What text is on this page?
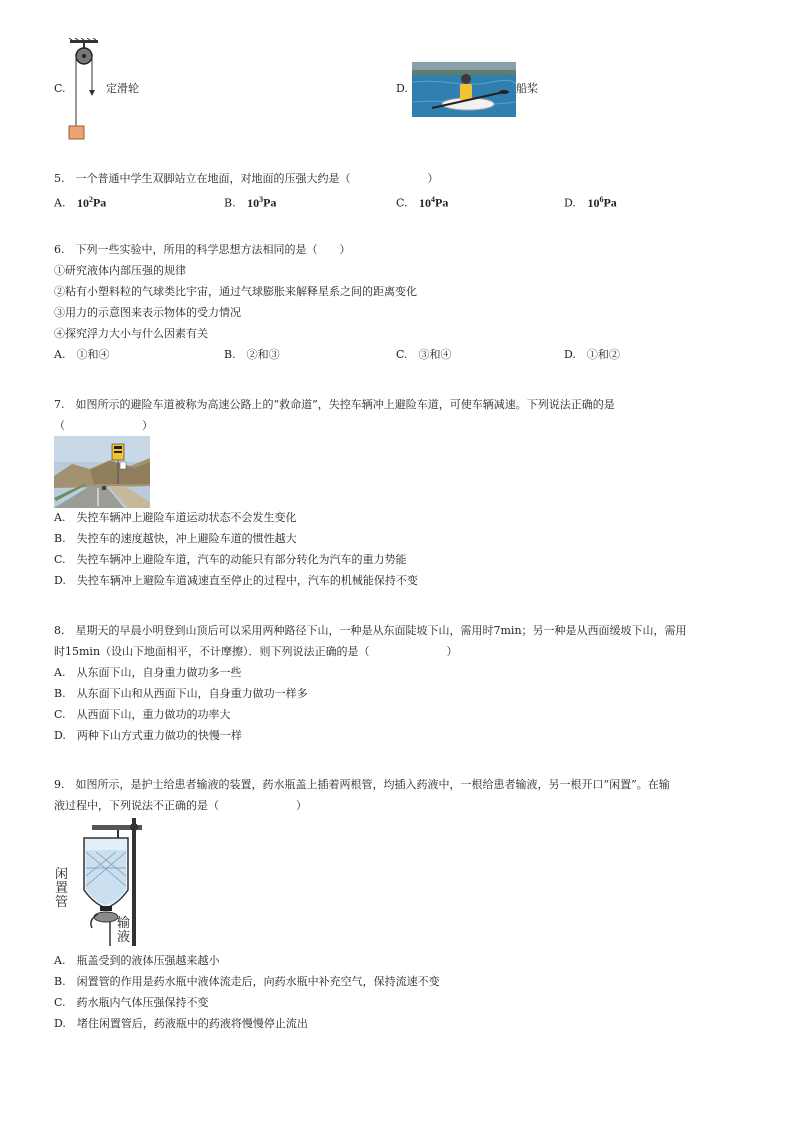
C.	定滑轮	D.	船桨
5.　一个普通中学生双脚站立在地面，对地面的压强大约是（　　　　　　　）
A. $10^2Pa$	B. $10^3Pa$	C. $10^4Pa$	D. $10^6Pa$
6.　下列一些实验中，所用的科学思想方法相同的是（　　）
①研究液体内部压强的规律
②粘有小塑料粒的气球类比宇宙，通过气球膨胀来解释星系之间的距离变化
③用力的示意图来表示物体的受力情况
④探究浮力大小与什么因素有关
A.　①和④	B.　②和③	C.　③和④	D.　①和②
7.　如图所示的避险车道被称为高速公路上的“救命道”，失控车辆冲上避险车道，可使车辆减速。下列说法正确的是
（　　　　　　　）
A.　失控车辆冲上避险车道运动状态不会发生变化
B.　失控车的速度越快，冲上避险车道的惯性越大
C.　失控车辆冲上避险车道，汽车的动能只有部分转化为汽车的重力势能
D.　失控车辆冲上避险车道减速直至停止的过程中，汽车的机械能保持不变
8.　星期天的早晨小明登到山顶后可以采用两种路径下山，一种是从东面陡坡下山，需用时7min；另一种是从西面缓坡下山，需用
时15min（设山下地面相平，不计摩擦）．则下列说法正确的是（　　　　　　　）
A.　从东面下山，自身重力做功多一些
B.　从东面下山和从西面下山，自身重力做功一样多
C.　从西面下山，重力做功的功率大
D.　两种下山方式重力做功的快慢一样
9.　如图所示，是护士给患者输液的装置，药水瓶盖上插着两根管，均插入药液中，一根给患者输液，另一根开口“闲置”。在输
液过程中，下列说法不正确的是（　　　　　　　）
闲置管
输液
A.　瓶盖受到的液体压强越来越小
B.　闲置管的作用是药水瓶中液体流走后，向药水瓶中补充空气，保持流速不变
C.　药水瓶内气体压强保持不变
D.　堵住闲置管后，药液瓶中的药液将慢慢停止流出
